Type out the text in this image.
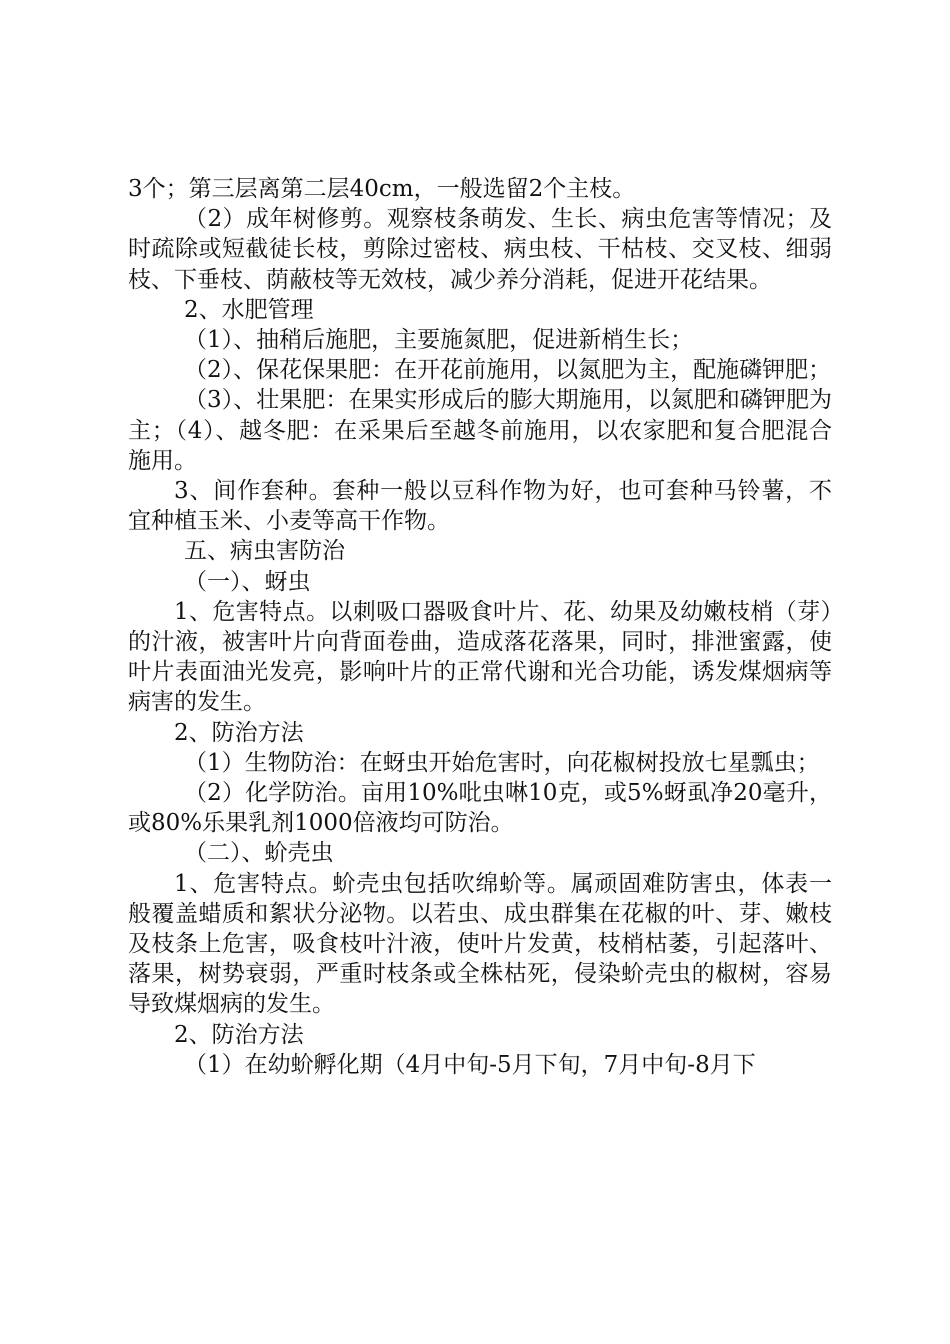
3个；第三层离第二层40cm，一般选留2个主枝。

（2）成年树修剪。观察枝条萌发、生长、病虫危害等情况；及时疏除或短截徒长枝，剪除过密枝、病虫枝、干枯枝、交叉枝、细弱枝、下垂枝、荫蔽枝等无效枝，减少养分消耗，促进开花结果。

2、水肥管理

（1）、抽稍后施肥，主要施氮肥，促进新梢生长；

（2）、保花保果肥：在开花前施用，以氮肥为主，配施磷钾肥；

（3）、壮果肥：在果实形成后的膨大期施用，以氮肥和磷钾肥为主；（4）、越冬肥：在采果后至越冬前施用，以农家肥和复合肥混合施用。

3、间作套种。套种一般以豆科作物为好，也可套种马铃薯，不宜种植玉米、小麦等高干作物。

五、病虫害防治

（一）、蚜虫

1、危害特点。以刺吸口器吸食叶片、花、幼果及幼嫩枝梢（芽）的汁液，被害叶片向背面卷曲，造成落花落果，同时，排泄蜜露，使叶片表面油光发亮，影响叶片的正常代谢和光合功能，诱发煤烟病等病害的发生。

2、防治方法

（1）生物防治：在蚜虫开始危害时，向花椒树投放七星瓢虫；

（2）化学防治。亩用10%吡虫啉10克，或5%蚜虱净20毫升，或80%乐果乳剂1000倍液均可防治。

（二）、蚧壳虫

1、危害特点。蚧壳虫包括吹绵蚧等。属顽固难防害虫，体表一般覆盖蜡质和絮状分泌物。以若虫、成虫群集在花椒的叶、芽、嫩枝及枝条上危害，吸食枝叶汁液，使叶片发黄，枝梢枯萎，引起落叶、落果，树势衰弱，严重时枝条或全株枯死，侵染蚧壳虫的椒树，容易导致煤烟病的发生。

2、防治方法

（1）在幼蚧孵化期（4月中旬-5月下旬，7月中旬-8月下
